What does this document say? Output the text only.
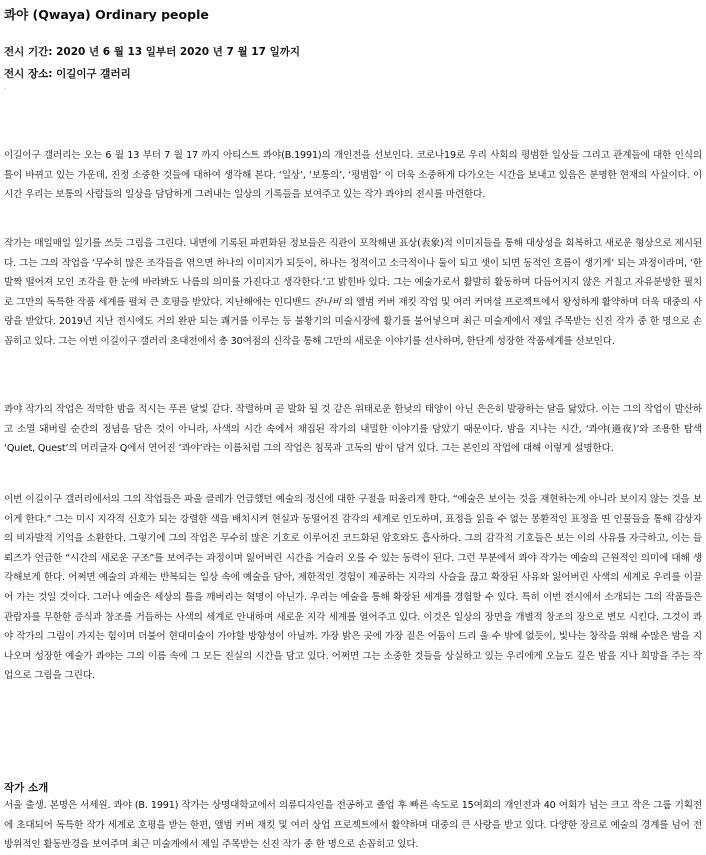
콰야 (Qwaya) Ordinary people
전시 기간: 2020 년 6 월 13 일부터 2020 년 7 월 17 일까지
전시 장소: 이길이구 갤러리
·

이길이구 갤러리는 오는 6 월 13 부터 7 월 17 까지 아티스트 콰야(B.1991)의 개인전을 선보인다. 코로나19로 우리 사회의 평범한 일상들 그리고 관계들에 대한 인식의 틀이 바뀌고 있는 가운데, 진정 소중한 것들에 대하여 생각해 본다. ‘일상’, ‘보통의’, ‘평범함’ 이 더욱 소중하게 다가오는 시간을 보내고 있음은 분명한 현재의 사실이다. 이 시간 우리는 보통의 사람들의 일상을 담담하게 그려내는 일상의 기록들을 보여주고 있는 작가 콰야의 전시를 마련한다.

작가는 매일매일 일기를 쓰듯 그림을 그린다. 내면에 기록된 파편화된 정보들은 직관이 포착해낸 표상(表象)적 이미지들을 통해 대상성을 회복하고 새로운 형상으로 제시된다. 그는 그의 작업을 ‘무수히 많은 조각들을 엮으면 하나의 이미지가 되듯이, 하나는 정적이고 소극적이나 둘이 되고 셋이 되면 동적인 흐름이 생기게’ 되는 과정이라며, ‘한 발짝 떨어져 모인 조각을 한 눈에 바라봐도 나름의 의미를 가진다고 생각한다.’고 밝힌바 있다. 그는 예술가로서 활발히 활동하며 다듬어지지 않은 거칠고 자유분방한 필치로 그만의 독특한 작품 세계를 펼쳐 큰 호평을 받았다. 지난해에는 인디밴드 잔나비 의 앨범 커버 재킷 작업 및 여러 커머셜 프로젝트에서 왕성하게 활약하며 더욱 대중의 사랑을 받았다. 2019년 지난 전시에도 거의 완판 되는 쾌거를 이루는 등 불황기의 미술시장에 활기를 불어넣으며 최근 미술계에서 제일 주목받는 신진 작가 중 한 명으로 손꼽히고 있다. 그는 이번 이길이구 갤러리 초대전에서 총 30여점의 신작을 통해 그만의 새로운 이야기를 선사하며, 한단계 성장한 작품세계를 선보인다.

콰야 작가의 작업은 적막한 밤을 적시는 푸른 달빛 같다. 작렬하며 곧 발화 될 것 같은 위태로운 한낮의 태양이 아닌 은은히 발광하는 달을 닮았다. 이는 그의 작업이 발산하고 소멸 돼버릴 순간의 정념을 담은 것이 아니라, 사색의 시간 속에서 채집된 작가의 내밀한 이야기를 담았기 때문이다. 밤을 지나는 시간, ‘콰야(過夜)’와 조용한 탐색 ‘Quiet, Quest’의 머리글자 Q에서 연어진 ‘콰야’라는 이름처럼 그의 작업은 침묵과 고독의 밤이 담겨 있다. 그는 본인의 작업에 대해 이렇게 설명한다.

이번 이길이구 갤러리에서의 그의 작업들은 파울 클레가 언급했던 예술의 정신에 대한 구절을 떠올리게 한다. “예술은 보이는 것을 재현하는게 아니라 보이지 않는 것을 보이게 한다.” 그는 미시 지각적 신호가 되는 강렬한 색을 배치시켜 현실과 동떨어진 감각의 세계로 인도하며, 표정을 읽을 수 없는 몽환적인 표정을 띤 인물들을 통해 감상자의 비자발적 기억을 소환한다. 그렇기에 그의 작업은 무수히 많은 기호로 이루어진 코드화된 암호와도 흡사하다. 그의 감각적 기호들은 보는 이의 사유를 자극하고, 이는 들뢰즈가 언급한 “시간의 새로운 구조”를 보여주는 과정이며 잃어버린 시간을 거슬러 오를 수 있는 동력이 된다. 그런 부분에서 콰야 작가는 예술의 근원적인 의미에 대해 생각해보게 한다. 어쩌면 예술의 과제는 반복되는 일상 속에 예술을 담아, 제한적인 경험이 제공하는 지각의 사슬을 끊고 확장된 사유와 잃어버린 사색의 세계로 우리를 이끌어 가는 것일 것이다. 그러나 예술은 세상의 틀을 깨버리는 혁명이 아닌가. 우리는 예술을 통해 확장된 세계를 경험할 수 있다. 특히 이번 전시에서 소개되는 그의 작품들은 관람자를 무한한 증식과 창조를 거듭하는 사색의 세계로 안내하며 새로운 지각 세계를 열어주고 있다. 이것은 일상의 장면을 개별적 창조의 장으로 변모 시킨다. 그것이 콰야 작가의 그림이 가지는 힘이며 더불어 현대미술이 가야할 방향성이 아닐까. 가장 밝은 곳에 가장 짙은 어둠이 드리 울 수 밖에 없듯이, 빛나는 창작을 위해 수많은 밤을 지나오며 성장한 예술가 콰야는 그의 이름 속에 그 모든 진실의 시간을 담고 있다. 어쩌면 그는 소중한 것들을 상실하고 있는 우리에게 오늘도 깊은 밤을 지나 희망을 주는 작업으로 그림을 그린다.

작가 소개

서울 출생. 본명은 서세원. 콰야 (B. 1991) 작가는 상명대학교에서 의류디자인을 전공하고 졸업 후 빠른 속도로 15여회의 개인전과 40 여회가 넘는 크고 작은 그룹 기획전에 초대되어 독특한 작가 세계로 호평을 받는 한편, 앨범 커버 재킷 및 여러 상업 프로젝트에서 활약하며 대중의 큰 사랑을 받고 있다. 다양한 장르로 예술의 경계를 넘어 전방위적인 활동반경을 보여주며 최근 미술계에서 제일 주목받는 신진 작가 중 한 명으로 손꼽히고 있다.
